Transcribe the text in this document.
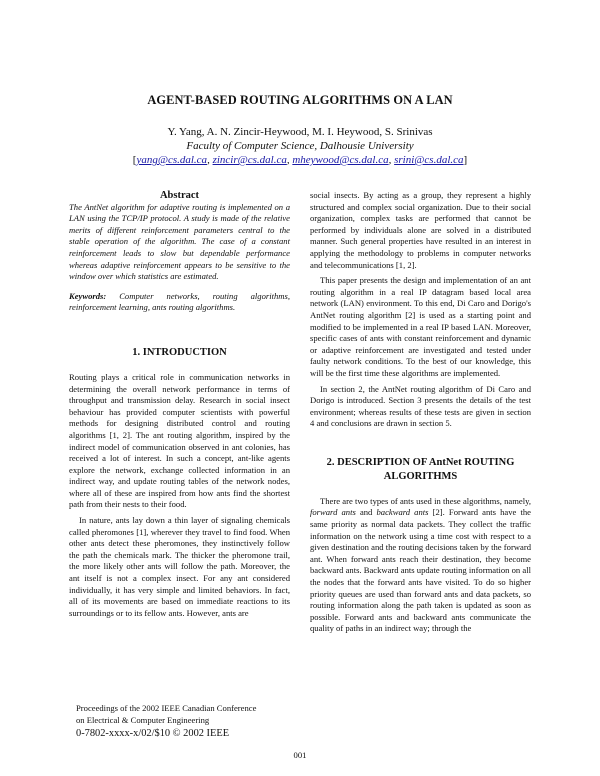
AGENT-BASED ROUTING ALGORITHMS ON A LAN
Y. Yang, A. N. Zincir-Heywood, M. I. Heywood, S. Srinivas
Faculty of Computer Science, Dalhousie University
[yang@cs.dal.ca, zincir@cs.dal.ca, mheywood@cs.dal.ca, srini@cs.dal.ca]
Abstract

The AntNet algorithm for adaptive routing is implemented on a LAN using the TCP/IP protocol. A study is made of the relative merits of different reinforcement parameters central to the stable operation of the algorithm. The case of a constant reinforcement leads to slow but dependable performance whereas adaptive reinforcement appears to be sensitive to the window over which statistics are estimated.

Keywords: Computer networks, routing algorithms, reinforcement learning, ants routing algorithms.

1. INTRODUCTION

Routing plays a critical role in communication networks in determining the overall network performance in terms of throughput and transmission delay. Research in social insect behaviour has provided computer scientists with powerful methods for designing distributed control and routing algorithms [1, 2]. The ant routing algorithm, inspired by the indirect model of communication observed in ant colonies, has received a lot of interest. In such a concept, ant-like agents explore the network, exchange collected information in an indirect way, and update routing tables of the network nodes, where all of these are inspired from how ants find the shortest path from their nests to their food.

In nature, ants lay down a thin layer of signaling chemicals called pheromones [1], wherever they travel to find food. When other ants detect these pheromones, they instinctively follow the path the chemicals mark. The thicker the pheromone trail, the more likely other ants will follow the path. Moreover, the ant itself is not a complex insect. For any ant considered individually, it has very simple and limited behaviors. In fact, all of its movements are based on immediate reactions to its surroundings or to its fellow ants. However, ants are

social insects. By acting as a group, they represent a highly structured and complex social organization. Due to their social organization, complex tasks are performed that cannot be performed by individuals alone are solved in a distributed manner. Such general properties have resulted in an interest in applying the methodology to problems in computer networks and telecommunications [1, 2].

This paper presents the design and implementation of an ant routing algorithm in a real IP datagram based local area network (LAN) environment. To this end, Di Caro and Dorigo's AntNet routing algorithm [2] is used as a starting point and modified to be implemented in a real IP based LAN. Moreover, specific cases of ants with constant reinforcement and dynamic or adaptive reinforcement are investigated and tested under faulty network conditions. To the best of our knowledge, this will be the first time these algorithms are implemented.

In section 2, the AntNet routing algorithm of Di Caro and Dorigo is introduced. Section 3 presents the details of the test environment; whereas results of these tests are given in section 4 and conclusions are drawn in section 5.

2. DESCRIPTION OF AntNet ROUTING ALGORITHMS

There are two types of ants used in these algorithms, namely, forward ants and backward ants [2]. Forward ants have the same priority as normal data packets. They collect the traffic information on the network using a time cost with respect to a given destination and the routing decisions taken by the forward ant. When forward ants reach their destination, they become backward ants. Backward ants update routing information on all the nodes that the forward ants have visited. To do so higher priority queues are used than forward ants and data packets, so routing information along the path taken is updated as soon as possible. Forward ants and backward ants communicate the quality of paths in an indirect way; through the

Proceedings of the 2002 IEEE Canadian Conference
on Electrical & Computer Engineering
0-7802-xxxx-x/02/$10 © 2002 IEEE
001
